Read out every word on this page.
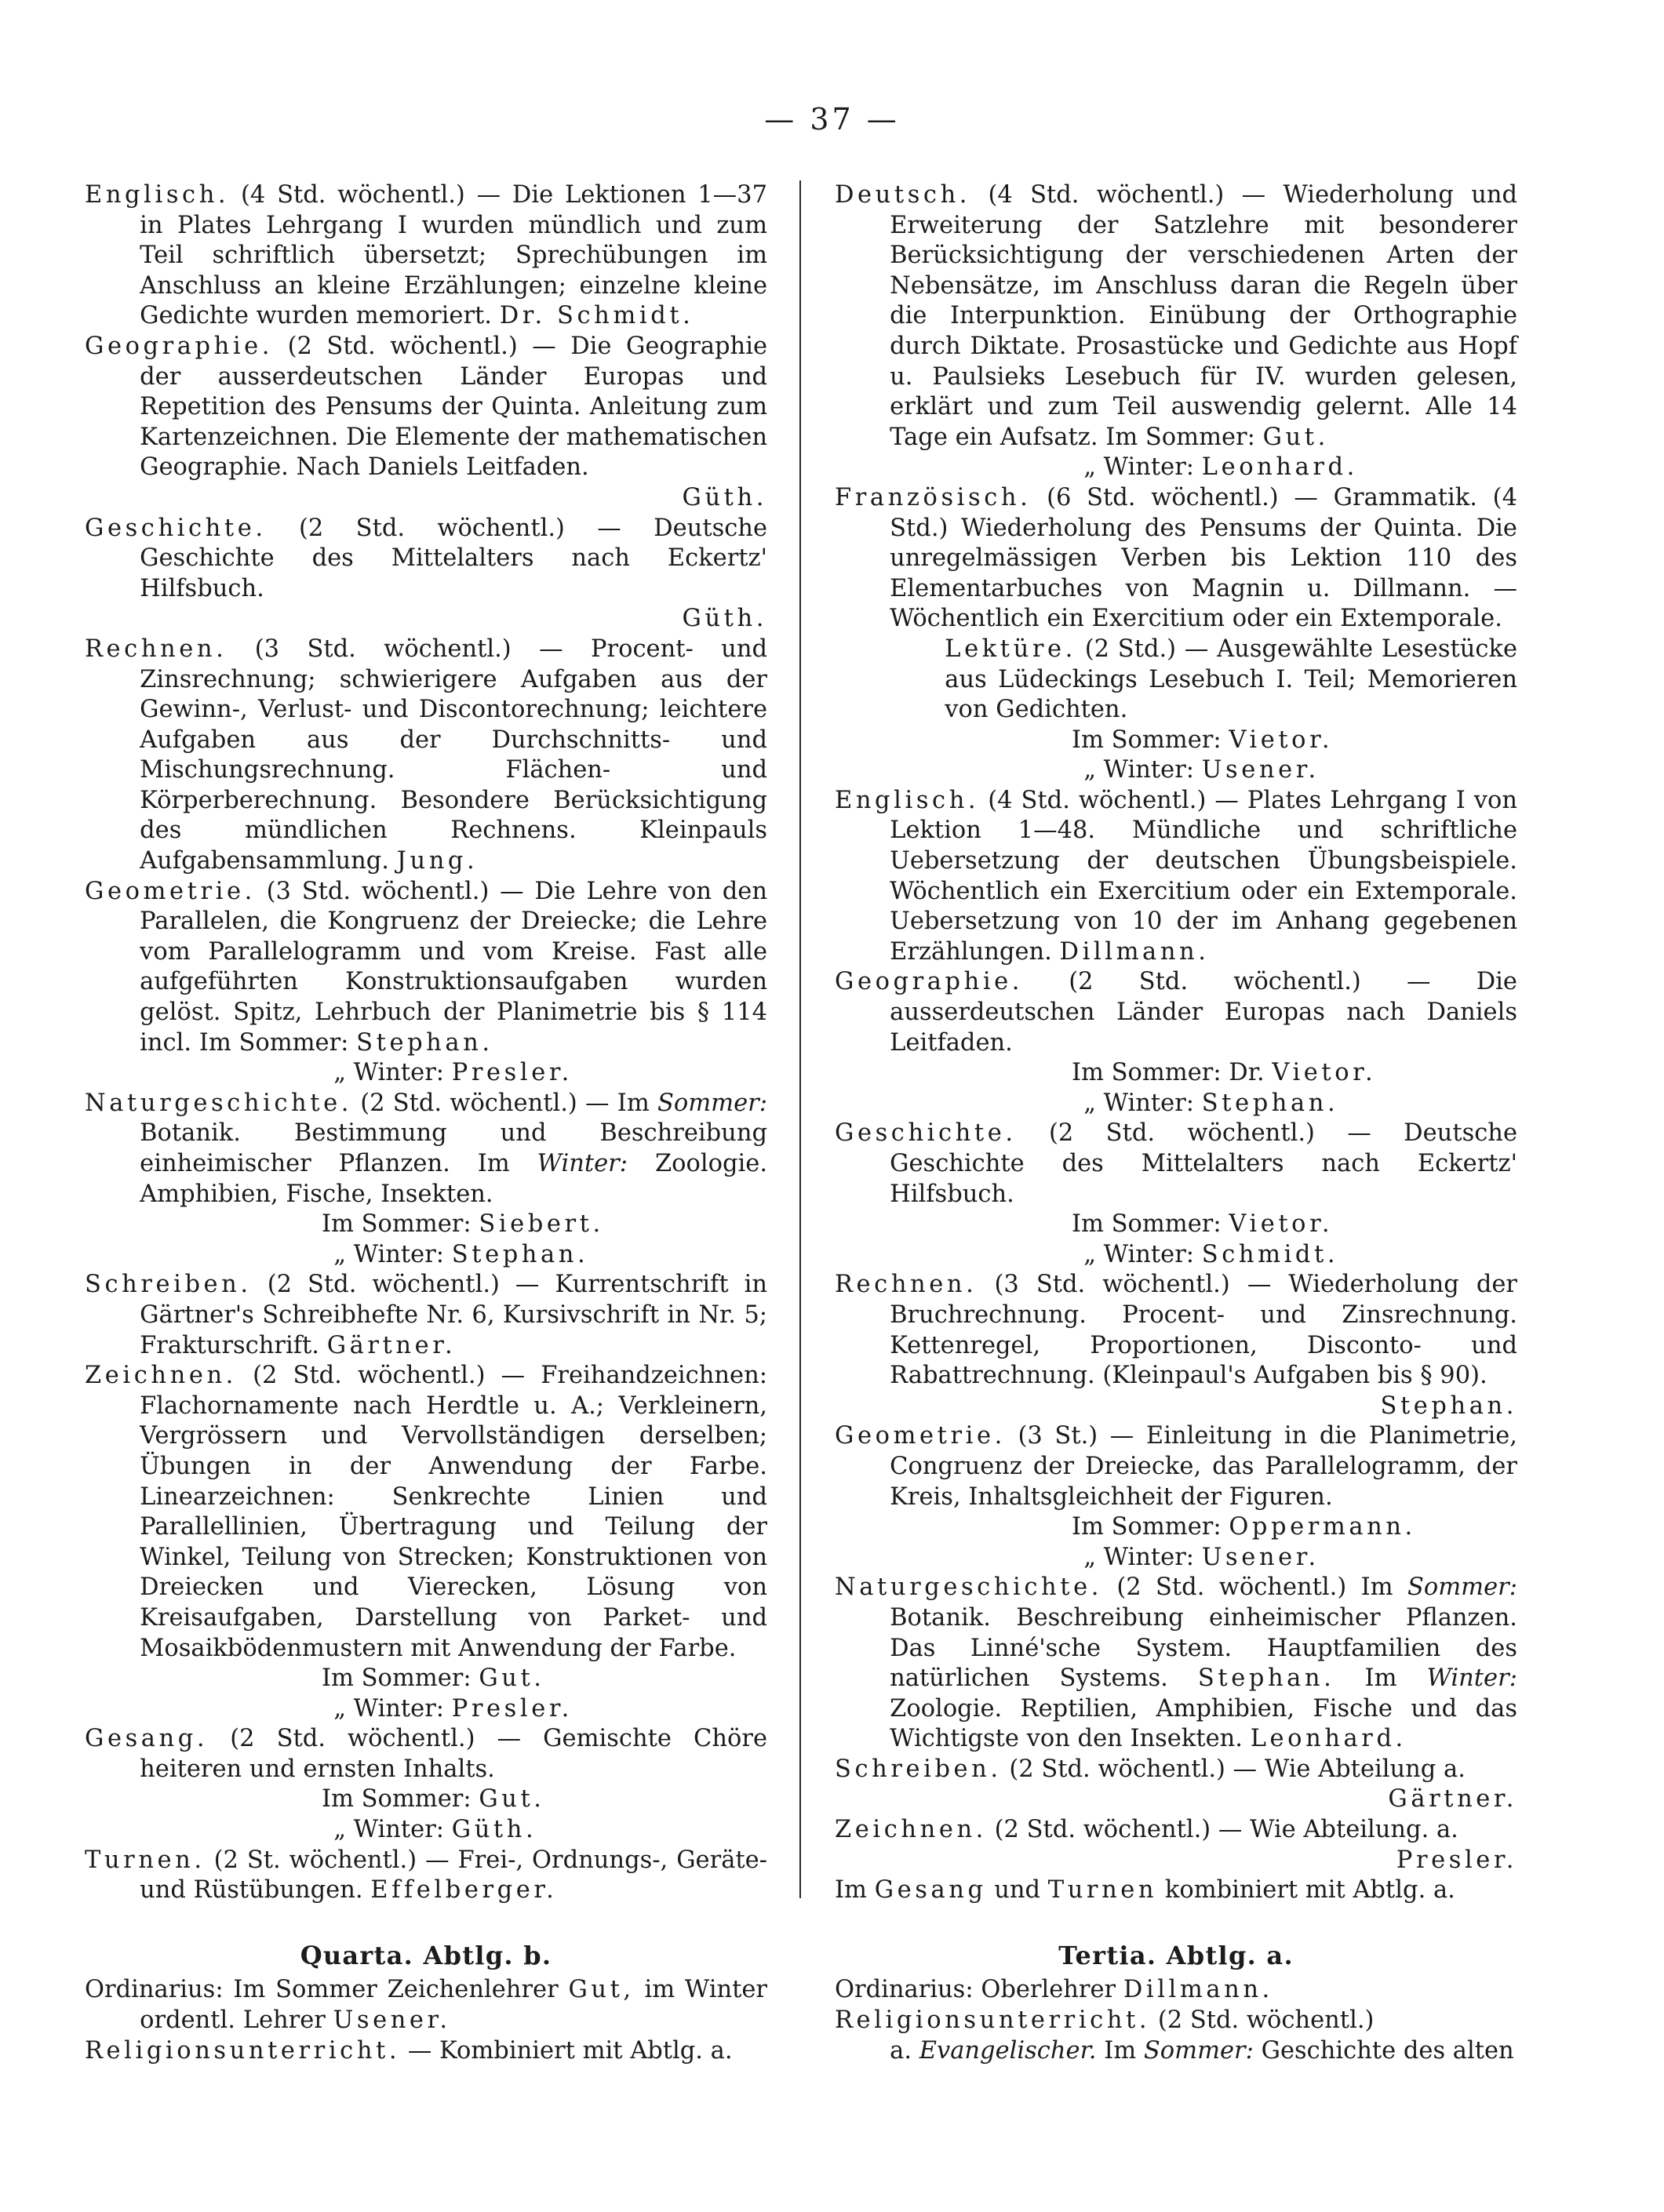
— 37 —

Englisch. (4 Std. wöchentl.) — Die Lektionen 1—37 in Plates Lehrgang I wurden mündlich und zum Teil schriftlich übersetzt; Sprechübungen im Anschluss an kleine Erzählungen; einzelne kleine Gedichte wurden memoriert. Dr. Schmidt.

Geographie. (2 Std. wöchentl.) — Die Geographie der ausserdeutschen Länder Europas und Repetition des Pensums der Quinta. Anleitung zum Kartenzeichnen. Die Elemente der mathematischen Geographie. Nach Daniels Leitfaden.
Güth.

Geschichte. (2 Std. wöchentl.) — Deutsche Geschichte des Mittelalters nach Eckertz' Hilfsbuch.
Güth.

Rechnen. (3 Std. wöchentl.) — Procent- und Zinsrechnung; schwierigere Aufgaben aus der Gewinn-, Verlust- und Discontorechnung; leichtere Aufgaben aus der Durchschnitts- und Mischungsrechnung. Flächen- und Körperberechnung. Besondere Berücksichtigung des mündlichen Rechnens. Kleinpauls Aufgabensammlung. Jung.

Geometrie. (3 Std. wöchentl.) — Die Lehre von den Parallelen, die Kongruenz der Dreiecke; die Lehre vom Parallelogramm und vom Kreise. Fast alle aufgeführten Konstruktionsaufgaben wurden gelöst. Spitz, Lehrbuch der Planimetrie bis § 114 incl. Im Sommer: Stephan.
„ Winter: Presler.

Naturgeschichte. (2 Std. wöchentl.) — Im Sommer: Botanik. Bestimmung und Beschreibung einheimischer Pflanzen. Im Winter: Zoologie. Amphibien, Fische, Insekten.
Im Sommer: Siebert.
„ Winter: Stephan.

Schreiben. (2 Std. wöchentl.) — Kurrentschrift in Gärtner's Schreibhefte Nr. 6, Kursivschrift in Nr. 5; Frakturschrift. Gärtner.

Zeichnen. (2 Std. wöchentl.) — Freihandzeichnen: Flachornamente nach Herdtle u. A.; Verkleinern, Vergrössern und Vervollständigen derselben; Übungen in der Anwendung der Farbe. Linearzeichnen: Senkrechte Linien und Parallellinien, Übertragung und Teilung der Winkel, Teilung von Strecken; Konstruktionen von Dreiecken und Vierecken, Lösung von Kreisaufgaben, Darstellung von Parket- und Mosaikbödenmustern mit Anwendung der Farbe.
Im Sommer: Gut.
„ Winter: Presler.

Gesang. (2 Std. wöchentl.) — Gemischte Chöre heiteren und ernsten Inhalts.
Im Sommer: Gut.
„ Winter: Güth.

Turnen. (2 St. wöchentl.) — Frei-, Ordnungs-, Geräte- und Rüstübungen. Effelberger.

Quarta. Abtlg. b.

Ordinarius: Im Sommer Zeichenlehrer Gut, im Winter ordentl. Lehrer Usener.

Religionsunterricht. — Kombiniert mit Abtlg. a.

Deutsch. (4 Std. wöchentl.) — Wiederholung und Erweiterung der Satzlehre mit besonderer Berücksichtigung der verschiedenen Arten der Nebensätze, im Anschluss daran die Regeln über die Interpunktion. Einübung der Orthographie durch Diktate. Prosastücke und Gedichte aus Hopf u. Paulsieks Lesebuch für IV. wurden gelesen, erklärt und zum Teil auswendig gelernt. Alle 14 Tage ein Aufsatz. Im Sommer: Gut.
„ Winter: Leonhard.

Französisch. (6 Std. wöchentl.) — Grammatik. (4 Std.) Wiederholung des Pensums der Quinta. Die unregelmässigen Verben bis Lektion 110 des Elementarbuches von Magnin u. Dillmann. — Wöchentlich ein Exercitium oder ein Extemporale.
Lektüre. (2 Std.) — Ausgewählte Lesestücke aus Lüdeckings Lesebuch I. Teil; Memorieren von Gedichten.
Im Sommer: Vietor.
„ Winter: Usener.

Englisch. (4 Std. wöchentl.) — Plates Lehrgang I von Lektion 1—48. Mündliche und schriftliche Uebersetzung der deutschen Übungsbeispiele. Wöchentlich ein Exercitium oder ein Extemporale. Uebersetzung von 10 der im Anhang gegebenen Erzählungen. Dillmann.

Geographie. (2 Std. wöchentl.) — Die ausserdeutschen Länder Europas nach Daniels Leitfaden.
Im Sommer: Dr. Vietor.
„ Winter: Stephan.

Geschichte. (2 Std. wöchentl.) — Deutsche Geschichte des Mittelalters nach Eckertz' Hilfsbuch.
Im Sommer: Vietor.
„ Winter: Schmidt.

Rechnen. (3 Std. wöchentl.) — Wiederholung der Bruchrechnung. Procent- und Zinsrechnung. Kettenregel, Proportionen, Disconto- und Rabattrechnung. (Kleinpaul's Aufgaben bis § 90).
Stephan.

Geometrie. (3 St.) — Einleitung in die Planimetrie, Congruenz der Dreiecke, das Parallelogramm, der Kreis, Inhaltsgleichheit der Figuren.
Im Sommer: Oppermann.
„ Winter: Usener.

Naturgeschichte. (2 Std. wöchentl.) Im Sommer: Botanik. Beschreibung einheimischer Pflanzen. Das Linné'sche System. Hauptfamilien des natürlichen Systems. Stephan. Im Winter: Zoologie. Reptilien, Amphibien, Fische und das Wichtigste von den Insekten. Leonhard.

Schreiben. (2 Std. wöchentl.) — Wie Abteilung a.
Gärtner.

Zeichnen. (2 Std. wöchentl.) — Wie Abteilung. a.
Presler.

Im Gesang und Turnen kombiniert mit Abtlg. a.

Tertia. Abtlg. a.

Ordinarius: Oberlehrer Dillmann.

Religionsunterricht. (2 Std. wöchentl.)

a. Evangelischer. Im Sommer: Geschichte des alten
